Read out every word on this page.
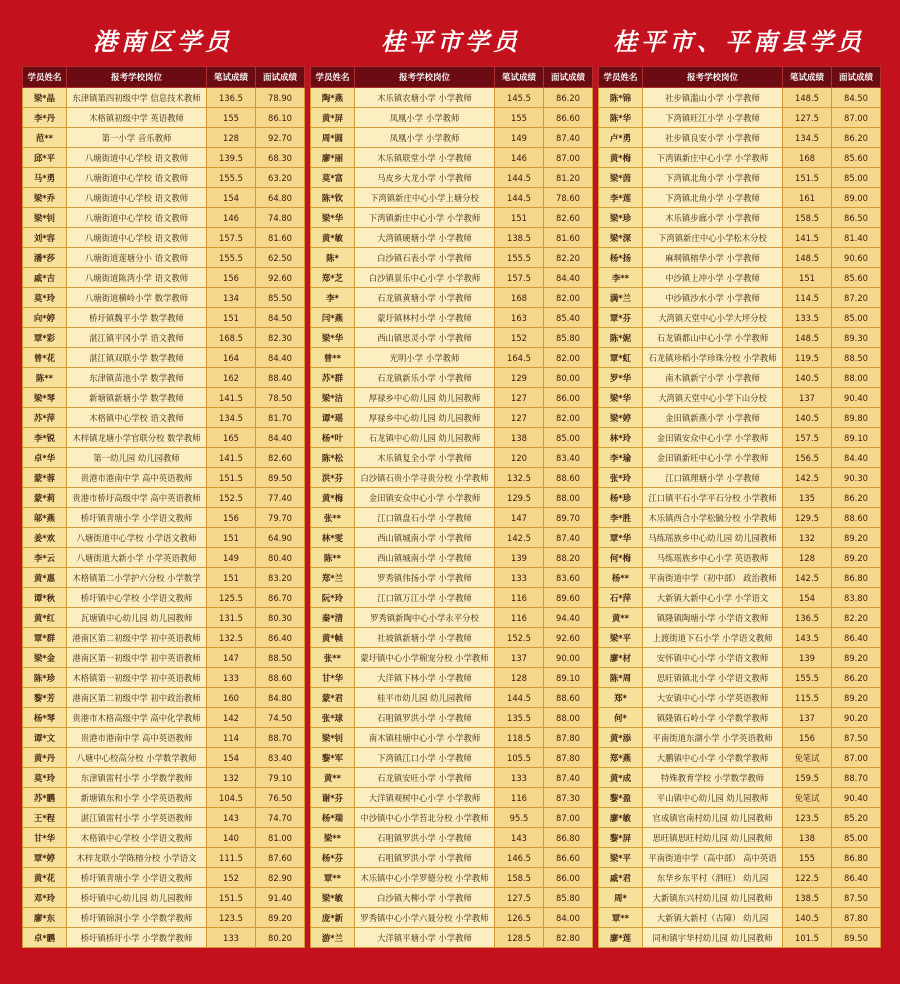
港南区学员
学员姓名	报考学校岗位	笔试成绩	面试成绩
梁*晶	东津镇第四初级中学 信息技术教师	136.5	78.90
李*丹	木格镇初级中学 英语教师	155	86.10
范**	第一小学 音乐教师	128	92.70
邱*平	八塘街道中心学校 语文教师	139.5	68.30
马*勇	八塘街道中心学校 语文教师	155.5	63.20
梁*乔	八塘街道中心学校 语文教师	154	64.80
梁*钊	八塘街道中心学校 语文教师	146	74.80
刘*容	八塘街道中心学校 语文教师	157.5	81.60
潘*莎	八塘街道莲塘分小 语文教师	155.5	62.50
戚*吉	八塘街道陈湾小学 语文教师	156	92.60
莫*玲	八塘街道横岭小学 数学教师	134	85.50
向*婷	桥圩镇魏平小学 数学教师	151	84.50
覃*彩	湛江镇平冈小学 语文教师	168.5	82.30
曾*花	湛江镇双联小学 数学教师	164	84.40
陈**	东津镇苗池小学 数学教师	162	88.40
梁*琴	新塘镇新塘小学 数学教师	141.5	78.50
苏*萍	木格镇中心学校 语文教师	134.5	81.70
李*锐	木梓镇龙塘小学官联分校 数学教师	165	84.40
卓*华	第一幼儿园 幼儿园教师	141.5	82.60
蒙*蓉	贵港市港南中学 高中英语教师	151.5	89.50
蒙*莉	贵港市桥圩高级中学 高中英语教师	152.5	77.40
邬*燕	桥圩镇青塘小学 小学语文教师	156	79.70
姜*欢	八塘街道中心学校 小学语文教师	151	64.90
李*云	八塘街道大新小学 小学英语教师	149	80.40
黄*惠	木格镇第二小学护六分校 小学数学	151	83.20
谭*秋	桥圩镇中心学校 小学语文教师	125.5	86.70
黄*红	瓦塘镇中心幼儿园 幼儿园教师	131.5	80.30
覃*群	港南区第二初级中学 初中英语教师	132.5	86.40
梁*金	港南区第一初级中学 初中英语教师	147	88.50
陈*珍	木格镇第一初级中学 初中英语教师	133	88.60
黎*芳	港南区第二初级中学 初中政治教师	160	84.80
杨*琴	贵港市木格高级中学 高中化学教师	142	74.50
谭*文	贵港市港南中学 高中英语教师	114	88.70
黄*丹	八塘中心校高分校 小学数学教师	154	83.40
莫*玲	东津镇雷村小学 小学数学教师	132	79.10
苏*鹏	新塘镇东和小学 小学英语教师	104.5	76.50
王*程	湛江镇雷村小学 小学英语教师	143	74.70
甘*华	木格镇中心学校 小学语文教师	140	81.00
覃*婷	木梓龙联小学陈榕分校 小学语文	111.5	87.60
黄*花	桥圩镇青塘小学 小学语文教师	152	82.90
邓*玲	桥圩镇中心幼儿园 幼儿园教师	151.5	91.40
廖*东	桥圩镇锦洞小学 小学数学教师	123.5	89.20
卓*鹏	桥圩镇桥圩小学 小学数学教师	133	80.20
桂平市学员
学员姓名	报考学校岗位	笔试成绩	面试成绩
陶*燕	木乐镇农塘小学 小学教师	145.5	86.20
黄*屏	凤凰小学 小学教师	155	86.60
周*圆	凤凰小学 小学教师	149	87.40
廖*丽	木乐镇联堂小学 小学教师	146	87.00
莫*富	马皮乡大龙小学 小学教师	144.5	81.20
陈*钦	下湾镇新庄中心小学上塘分校	144.5	78.60
梁*华	下湾镇新庄中心小学 小学教师	151	82.60
黄*敏	大湾镇硬塘小学 小学教师	138.5	81.60
陈*	白沙镇石表小学 小学教师	155.5	82.20
郑*芝	白沙镇景乐中心小学 小学教师	157.5	84.40
李*	石龙镇黄塘小学 小学教师	168	82.00
闫*燕	蒙圩镇林村小学 小学教师	163	85.40
梁*华	西山镇思灵小学 小学教师	152	85.80
曾**	光明小学 小学教师	164.5	82.00
苏*群	石龙镇新乐小学 小学教师	129	80.00
梁*洁	厚禄乡中心幼儿园 幼儿园教师	127	86.00
谭*瑶	厚禄乡中心幼儿园 幼儿园教师	127	82.00
杨*叶	石龙镇中心幼儿园 幼儿园教师	138	85.00
陈*松	木乐镇复全小学 小学教师	120	83.40
洪*芬	白沙镇石贵小学寻贵分校 小学教师	132.5	88.60
黄*梅	金田镇安众中心小学 小学教师	129.5	88.00
张**	江口镇盘石小学 小学教师	147	89.70
林*雯	西山镇城南小学 小学教师	142.5	87.40
陈**	西山镇城南小学 小学教师	139	88.20
郑*兰	罗秀镇伟扬小学 小学教师	133	83.60
阮*玲	江口镇万江小学 小学教师	116	89.60
秦*清	罗秀镇新陶中心小学永平分校	116	94.40
黄*帧	社坡镇新塘小学 小学教师	152.5	92.60
张**	蒙圩镇中心小学棉宠分校 小学教师	137	90.00
甘*华	大洋镇下林小学 小学教师	128	89.10
蒙*君	桂平市幼儿园 幼儿园教师	144.5	88.60
张*球	石咀镇罗洪小学 小学教师	135.5	88.00
梁*钊	南木镇桂塘中心小学 小学教师	118.5	87.80
黎*军	下湾镇江口小学 小学教师	105.5	87.80
黄**	石龙镇安旺小学 小学教师	133	87.40
谢*芬	大洋镇观树中心小学 小学教师	116	87.30
杨*瑞	中沙镇中心小学苔北分校 小学教师	95.5	87.00
梁**	石咀镇罗洪小学 小学教师	143	86.80
杨*芬	石咀镇罗洪小学 小学教师	146.5	86.60
覃**	木乐镇中心小学罗德分校 小学教师	158.5	86.00
梁*敏	白沙镇大柳小学 小学教师	127.5	85.80
庞*新	罗秀镇中心小学六聂分校 小学教师	126.5	84.00
游*兰	大洋镇平塘小学 小学教师	128.5	82.80
桂平市、平南县学员
学员姓名	报考学校岗位	笔试成绩	面试成绩
陈*锦	社步镇滥山小学 小学教师	148.5	84.50
陈*华	下湾镇旺江小学 小学教师	127.5	87.00
卢*勇	社步镇良安小学 小学教师	134.5	86.20
黄*梅	下湾镇新庄中心小学 小学教师	168	85.60
梁*茵	下湾镇北角小学 小学教师	151.5	85.00
李*莲	下湾镇北角小学 小学教师	161	89.00
梁*珍	木乐镇步廊小学 小学教师	158.5	86.50
梁*深	下湾镇新庄中心小学松木分校	141.5	81.40
杨*扬	麻垌镇榕华小学 小学教师	148.5	90.60
李**	中沙镇上冲小学 小学教师	151	85.60
满*兰	中沙镇沙水小学 小学教师	114.5	87.20
覃*芬	大湾镇天堂中心小学大坪分校	133.5	85.00
陈*妮	石龙镇都山中心小学 小学教师	148.5	89.30
覃*虹	石龙镇珍稻小学珍珠分校 小学教师	119.5	88.50
罗*华	南木镇新宁小学 小学教师	140.5	88.00
梁*华	大湾镇天堂中心小学下山分校	137	90.40
梁*婷	金田镇新燕小学 小学教师	140.5	89.80
林*玲	金田镇安众中心小学 小学教师	157.5	89.10
李*瑜	金田镇新旺中心小学 小学教师	156.5	84.40
张*玲	江口镇理塘小学 小学教师	142.5	90.30
杨*珍	江口镇平石小学平石分校 小学教师	135	86.20
李*胜	木乐镇西合小学松毓分校 小学教师	129.5	88.60
覃*华	马练瑶族乡中心幼儿园 幼儿园教师	132	89.20
何*梅	马练瑶族乡中心小学 英语教师	128	89.20
杨**	平南街道中学（初中部） 政治教师	142.5	86.80
石*萍	大新镇大新中心小学 小学语文	154	83.80
黄**	镇隆镇陶塘小学 小学语文教师	136.5	82.20
梁*平	上渡街道下石小学 小学语文教师	143.5	86.40
廖*材	安怀镇中心小学 小学语文教师	139	89.20
陈*周	思旺镇镇北小学 小学语文教师	155.5	86.20
郑*	大安镇中心小学 小学英语教师	115.5	89.20
何*	镇隆镇石岭小学 小学数学教师	137	90.20
黄*添	平南街道东湖小学 小学英语教师	156	87.50
郑*燕	大鹏镇中心小学 小学数学教师	免笔试	87.00
黄*成	特殊教育学校 小学数学教师	159.5	88.70
黎*盈	平山镇中心幼儿园 幼儿园教师	免笔试	90.40
廖*敏	官成镇官南村幼儿园 幼儿园教师	123.5	85.20
黎*屏	思旺镇思旺村幼儿园 幼儿园教师	138	85.00
梁*平	平南街道中学（高中部） 高中英语	155	86.80
戚*君	东华乡东平村（泗旺） 幼儿园	122.5	86.40
周*	大新镇东兴村幼儿园 幼儿园教师	138.5	87.50
覃**	大新镇大新村（古障） 幼儿园	140.5	87.80
廖*莲	同和镇宇华村幼儿园 幼儿园教师	101.5	89.50
